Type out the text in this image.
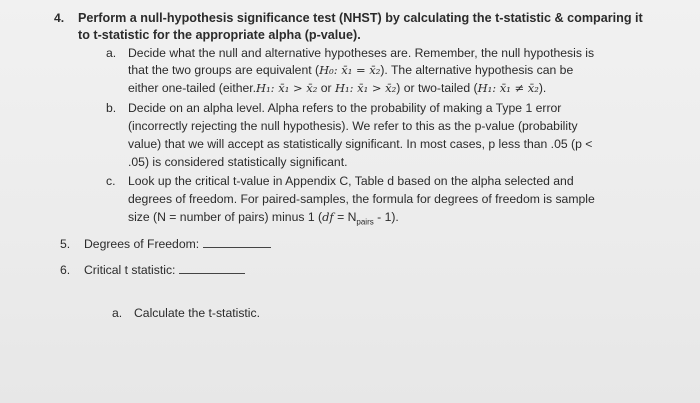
4. Perform a null-hypothesis significance test (NHST) by calculating the t-statistic & comparing it
to t-statistic for the appropriate alpha (p-value).
a. Decide what the null and alternative hypotheses are. Remember, the null hypothesis is
that the two groups are equivalent (H₀: x̄₁ = x̄₂). The alternative hypothesis can be
either one-tailed (either.H₁: x̄₁ > x̄₂ or H₁: x̄₁ > x̄₂) or two-tailed (H₁: x̄₁ ≠ x̄₂).
b. Decide on an alpha level. Alpha refers to the probability of making a Type 1 error
(incorrectly rejecting the null hypothesis). We refer to this as the p-value (probability
value) that we will accept as statistically significant. In most cases, p less than .05 (p <
.05) is considered statistically significant.
c. Look up the critical t-value in Appendix C, Table d based on the alpha selected and
degrees of freedom. For paired-samples, the formula for degrees of freedom is sample
size (N = number of pairs) minus 1 $(df = N_{pairs} - 1)$.
5. Degrees of Freedom:
6. Critical t statistic:
a. Calculate the t-statistic.
